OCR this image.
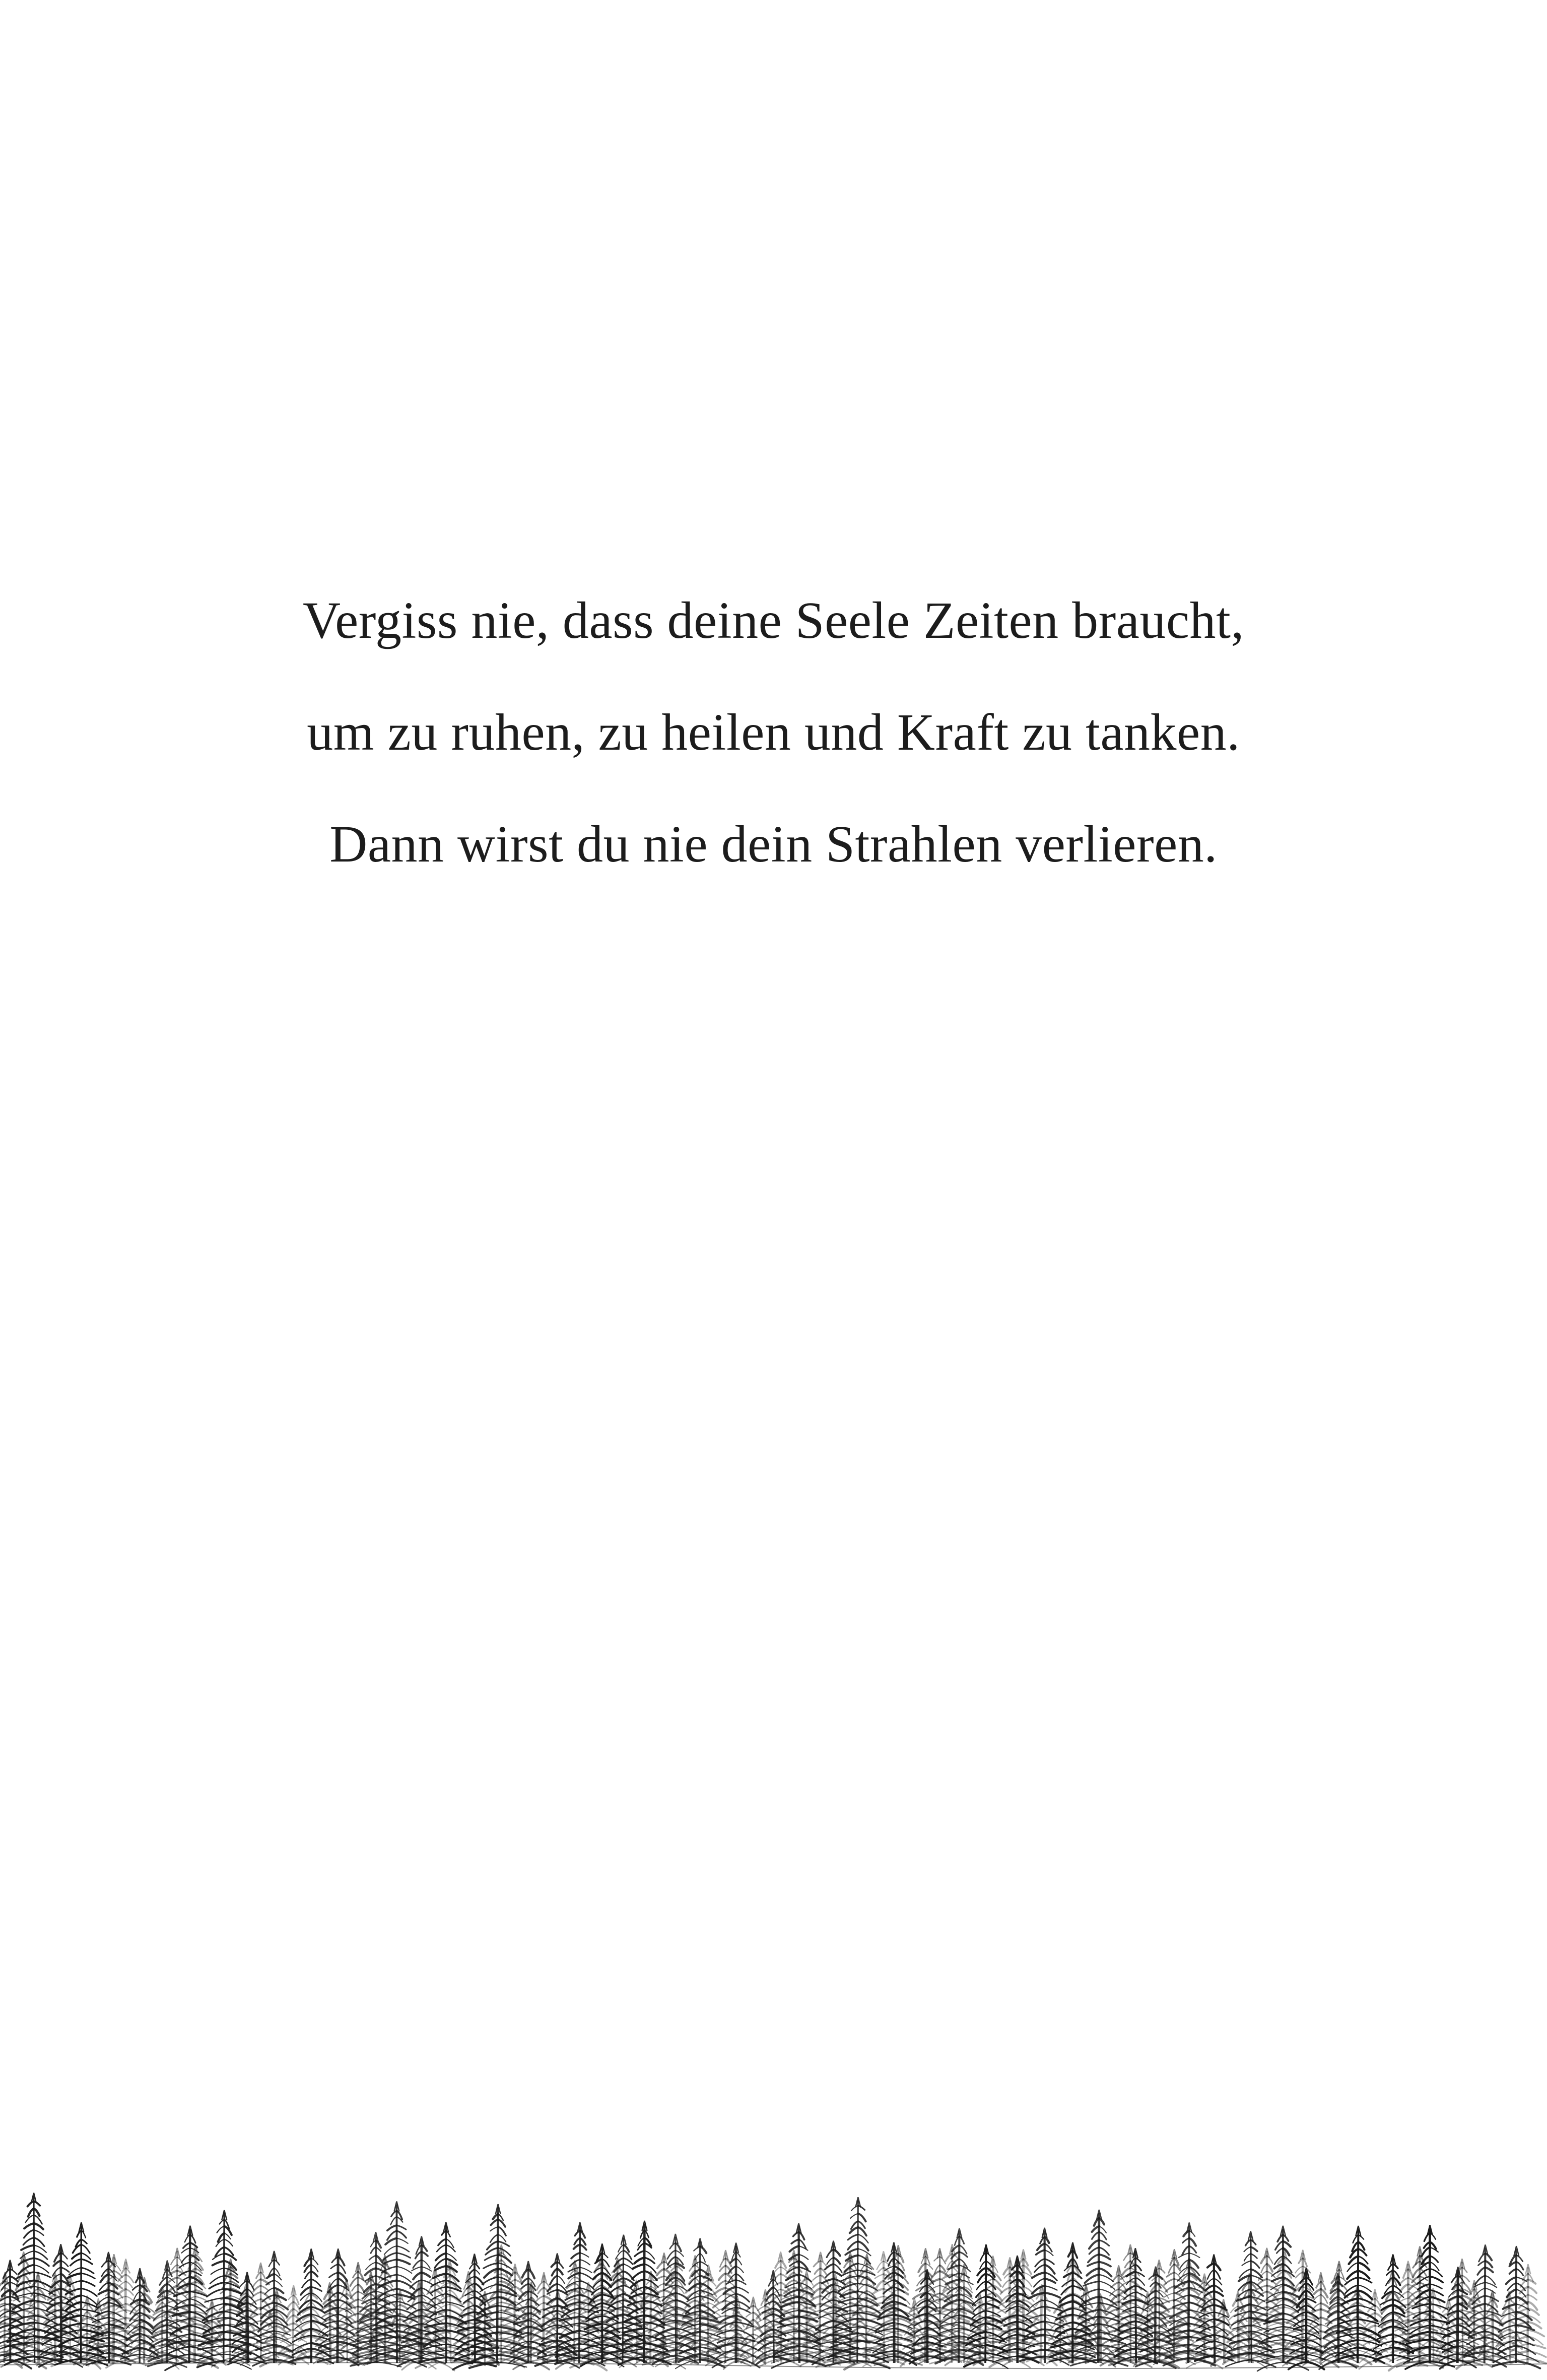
Vergiss nie, dass deine Seele Zeiten braucht,
um zu ruhen, zu heilen und Kraft zu tanken.
Dann wirst du nie dein Strahlen verlieren.
